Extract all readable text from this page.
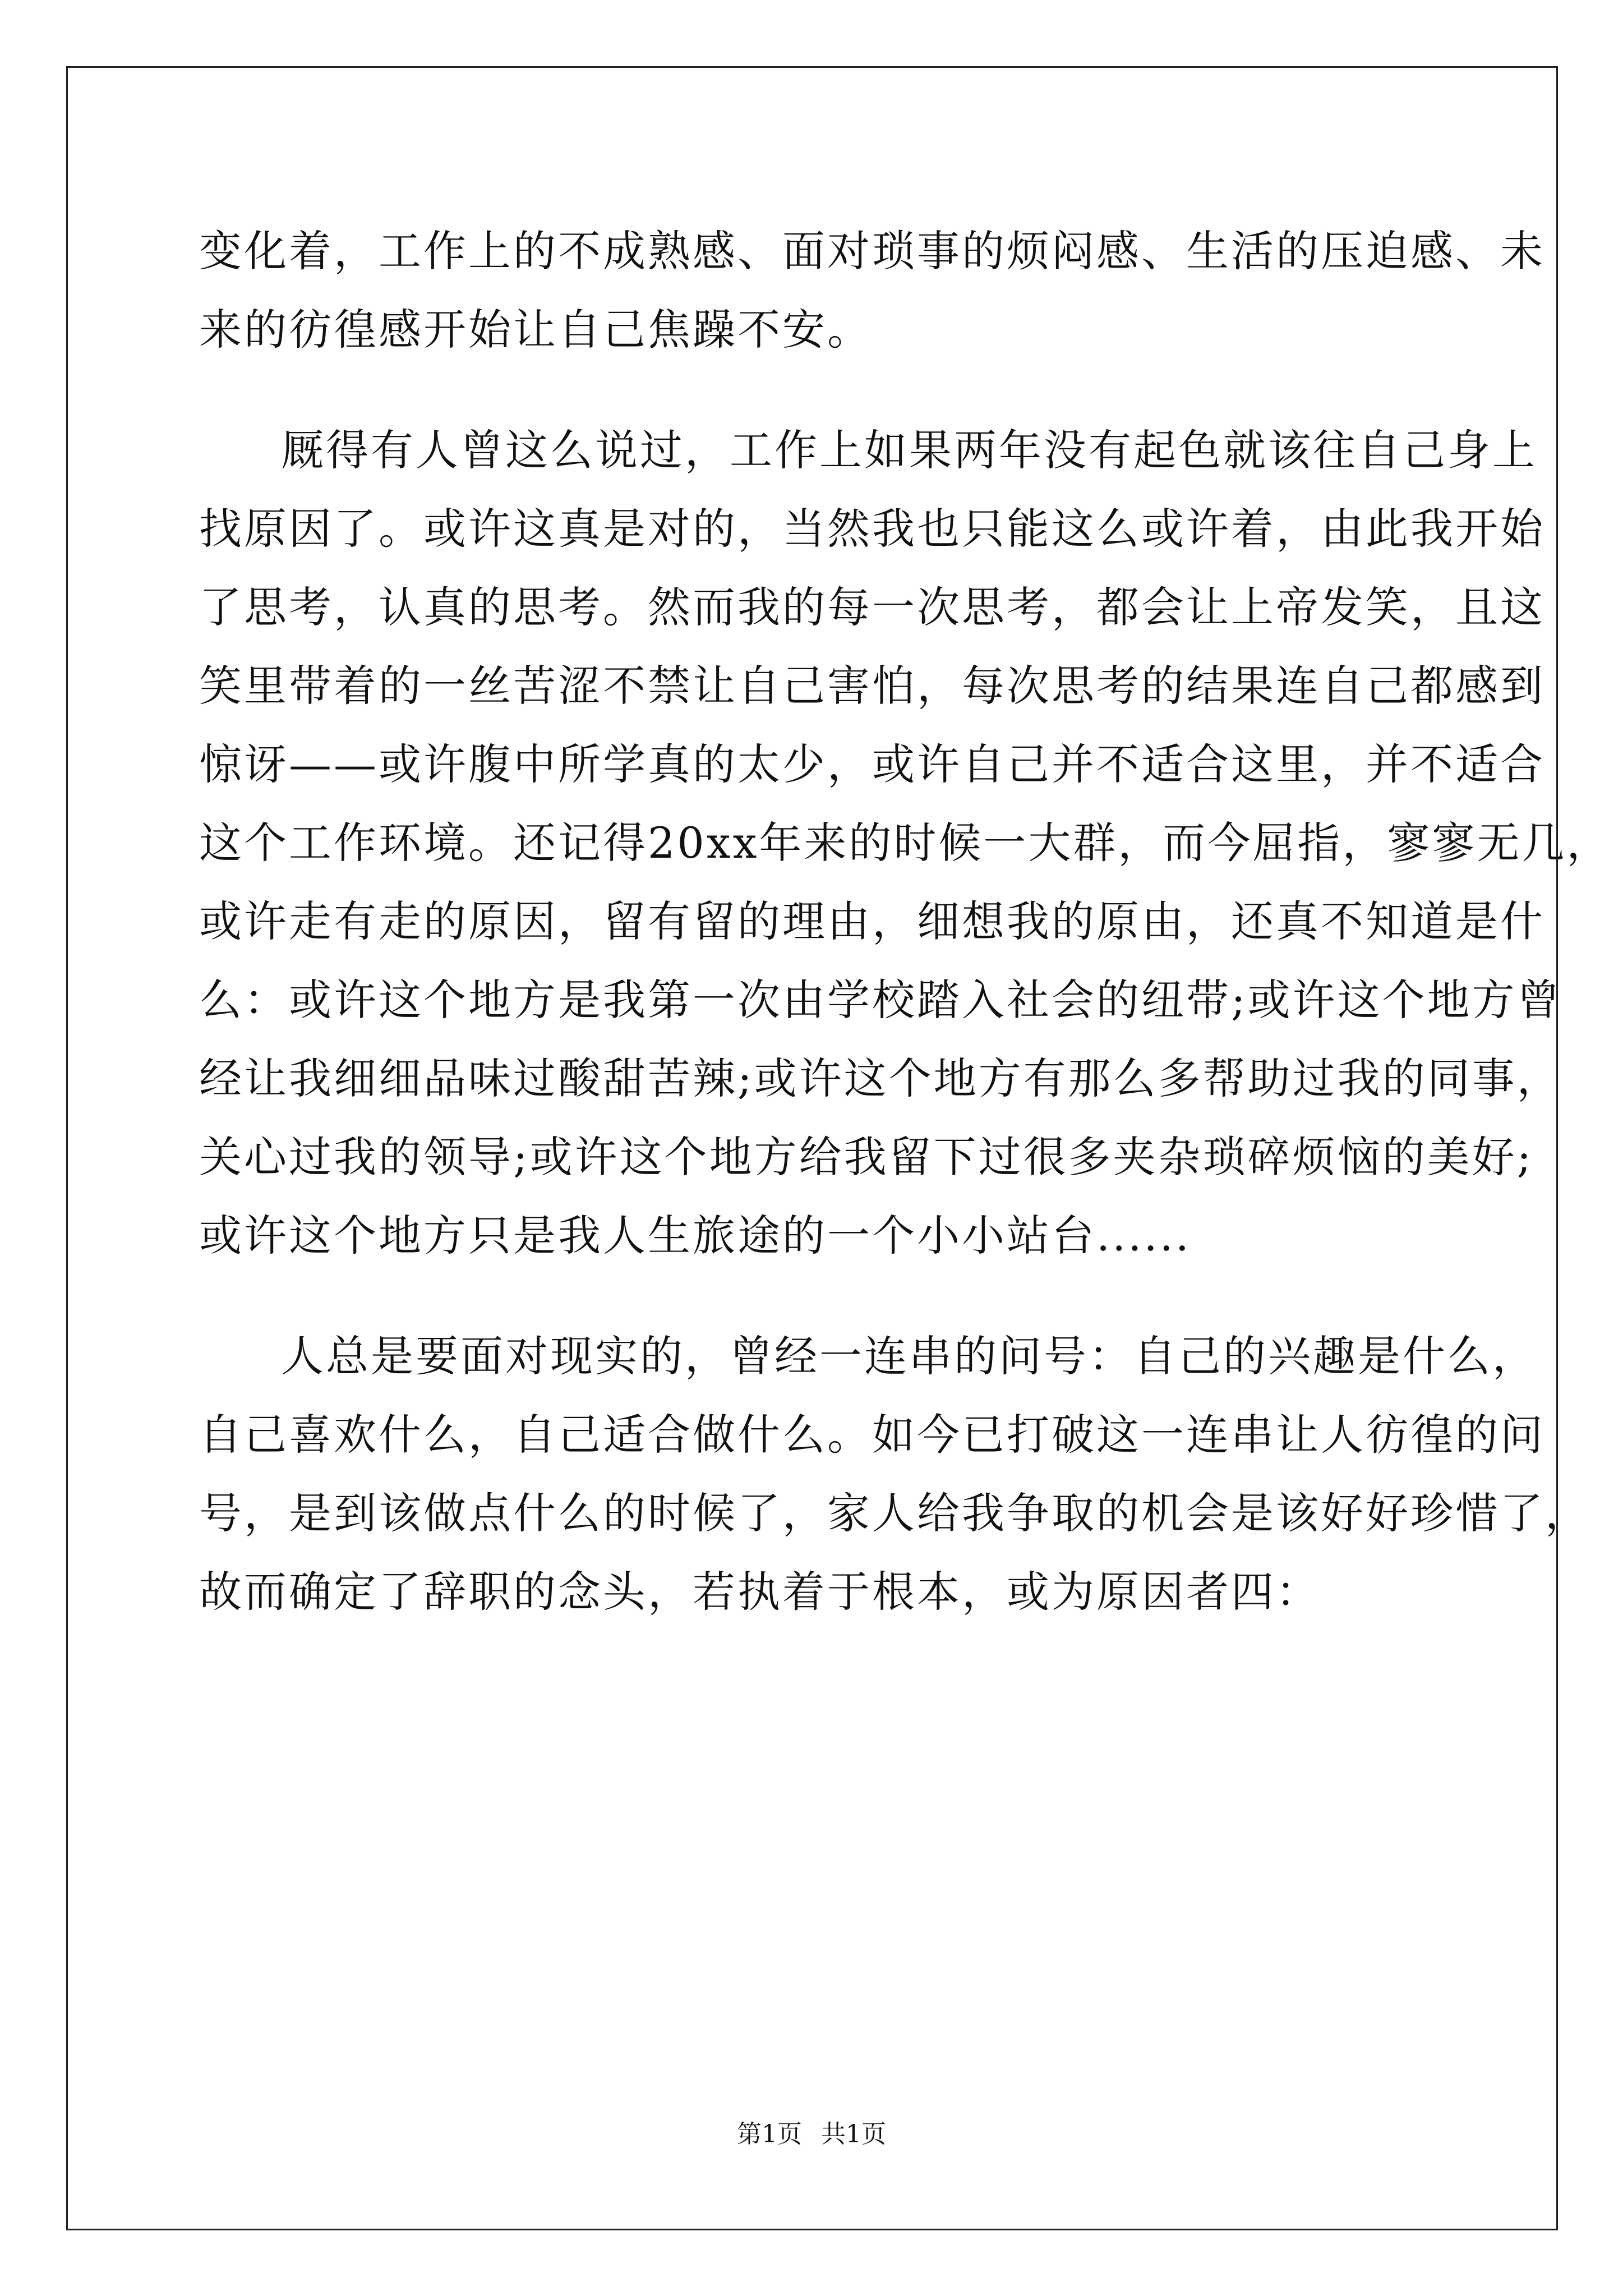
变化着，工作上的不成熟感、面对琐事的烦闷感、生活的压迫感、未
来的彷徨感开始让自己焦躁不安。
厩得有人曾这么说过，工作上如果两年没有起色就该往自己身上
找原因了。或许这真是对的，当然我也只能这么或许着，由此我开始
了思考，认真的思考。然而我的每一次思考，都会让上帝发笑，且这
笑里带着的一丝苦涩不禁让自己害怕，每次思考的结果连自己都感到
惊讶——或许腹中所学真的太少，或许自己并不适合这里，并不适合
这个工作环境。还记得20xx年来的时候一大群，而今屈指，寥寥无几，
或许走有走的原因，留有留的理由，细想我的原由，还真不知道是什
么：或许这个地方是我第一次由学校踏入社会的纽带;或许这个地方曾
经让我细细品味过酸甜苦辣;或许这个地方有那么多帮助过我的同事，
关心过我的领导;或许这个地方给我留下过很多夹杂琐碎烦恼的美好;
或许这个地方只是我人生旅途的一个小小站台......
人总是要面对现实的，曾经一连串的问号：自己的兴趣是什么，
自己喜欢什么，自己适合做什么。如今已打破这一连串让人彷徨的问
号，是到该做点什么的时候了，家人给我争取的机会是该好好珍惜了，
故而确定了辞职的念头，若执着于根本，或为原因者四：
第1页 共1页
